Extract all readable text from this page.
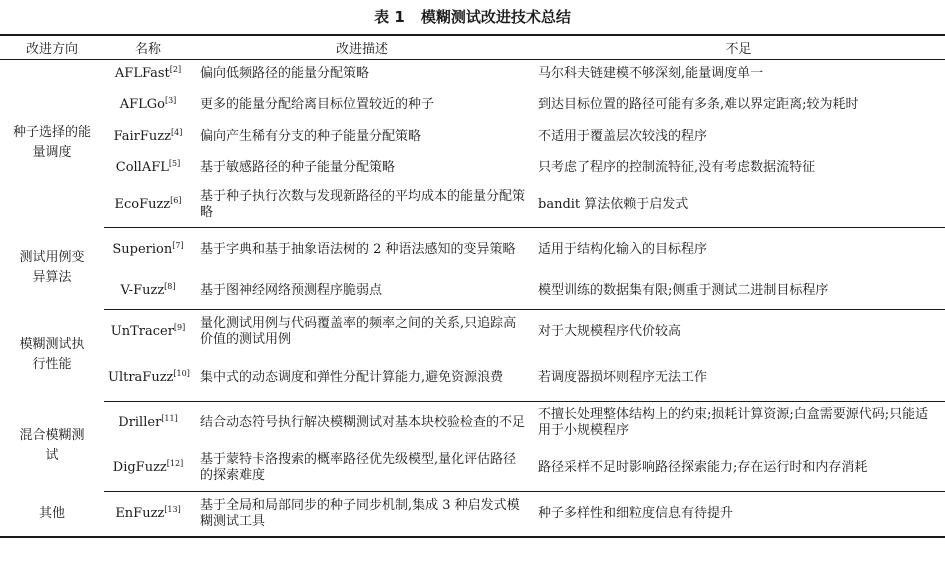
表 1 模糊测试改进技术总结
改进方向	名称	改进描述	不足
种子选择的能量调度	AFLFast[2]	偏向低频路径的能量分配策略	马尔科夫链建模不够深刻,能量调度单一
	AFLGo[3]	更多的能量分配给离目标位置较近的种子	到达目标位置的路径可能有多条,难以界定距离;较为耗时
	FairFuzz[4]	偏向产生稀有分支的种子能量分配策略	不适用于覆盖层次较浅的程序
	CollAFL[5]	基于敏感路径的种子能量分配策略	只考虑了程序的控制流特征,没有考虑数据流特征
	EcoFuzz[6]	基于种子执行次数与发现新路径的平均成本的能量分配策略	bandit 算法依赖于启发式
测试用例变异算法	Superion[7]	基于字典和基于抽象语法树的 2 种语法感知的变异策略	适用于结构化输入的目标程序
	V-Fuzz[8]	基于图神经网络预测程序脆弱点	模型训练的数据集有限;侧重于测试二进制目标程序
模糊测试执行性能	UnTracer[9]	量化测试用例与代码覆盖率的频率之间的关系,只追踪高价值的测试用例	对于大规模程序代价较高
	UltraFuzz[10]	集中式的动态调度和弹性分配计算能力,避免资源浪费	若调度器损坏则程序无法工作
混合模糊测试	Driller[11]	结合动态符号执行解决模糊测试对基本块校验检查的不足	不擅长处理整体结构上的约束;损耗计算资源;白盒需要源代码;只能适用于小规模程序
	DigFuzz[12]	基于蒙特卡洛搜索的概率路径优先级模型,量化评估路径的探索难度	路径采样不足时影响路径探索能力;存在运行时和内存消耗
其他	EnFuzz[13]	基于全局和局部同步的种子同步机制,集成 3 种启发式模糊测试工具	种子多样性和细粒度信息有待提升
